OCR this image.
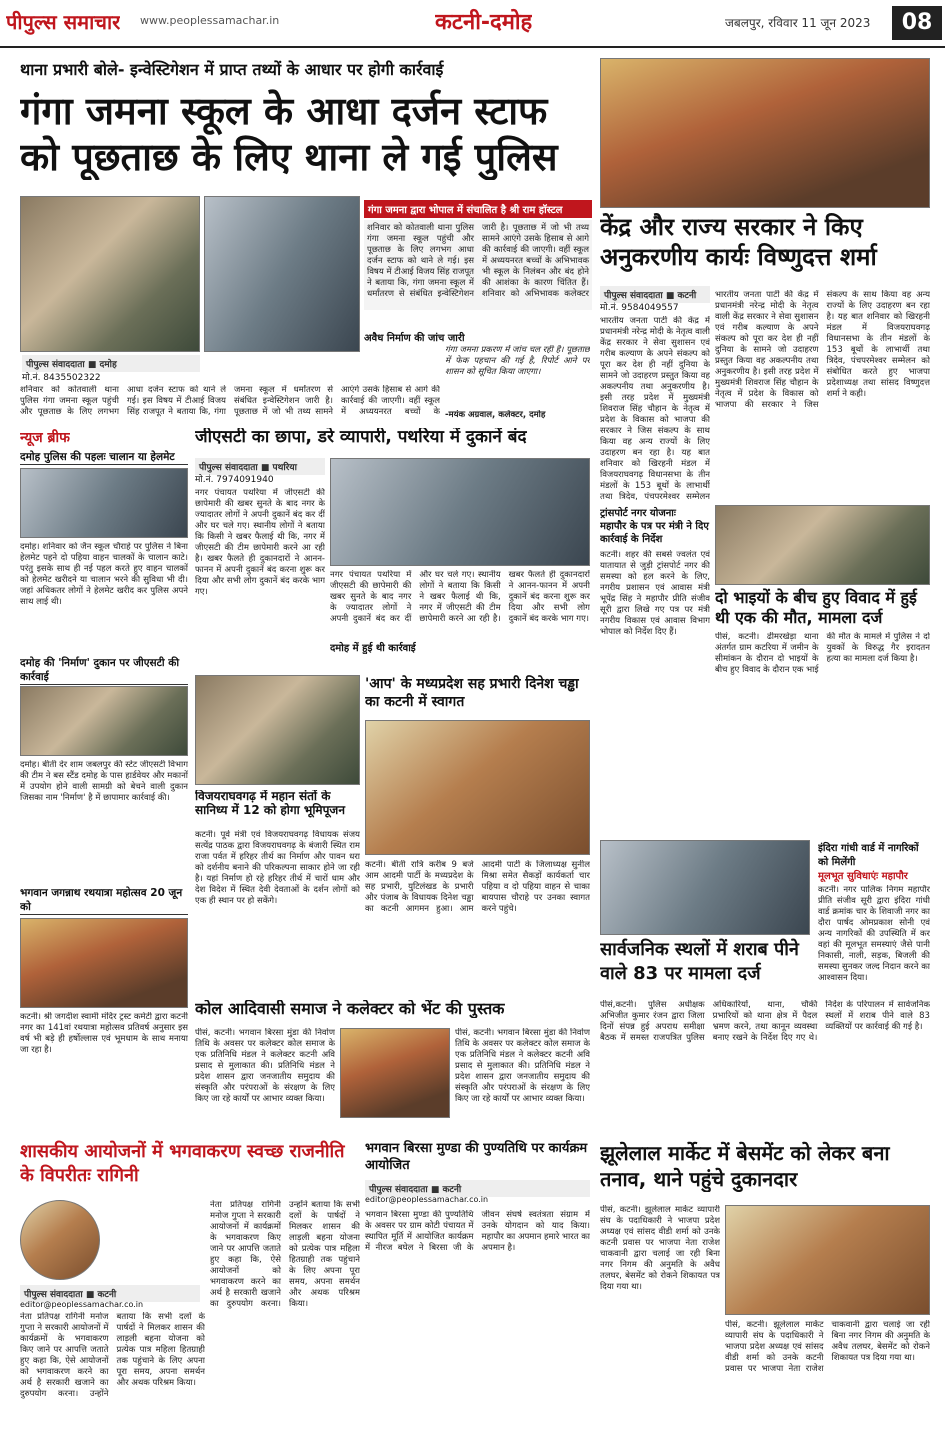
पीपुल्स समाचार www.peoplessamachar.in	कटनी-दमोह	जबलपुर, रविवार 11 जून 2023	08
थाना प्रभारी बोले- इन्वेस्टिगेशन में प्राप्त तथ्यों के आधार पर होगी कार्रवाई
गंगा जमना स्कूल के आधा दर्जन स्टाफ को पूछताछ के लिए थाना ले गई पुलिस
गंगा जमना द्वारा भोपाल में संचालित है श्री राम हॉस्टल
शनिवार को कोतवाली थाना पुलिस गंगा जमना स्कूल पहुंची और पूछताछ के लिए लगभग आधा दर्जन स्टाफ को थाने ले गई। इस विषय में टीआई विजय सिंह राजपूत ने बताया कि, गंगा जमना स्कूल में धर्मांतरण से संबंधित इन्वेस्टिगेशन जारी है। पूछताछ में जो भी तथ्य सामने आएंगे उसके हिसाब से आगे की कार्रवाई की जाएगी। वहीं स्कूल में अध्ययनरत बच्चों के अभिभावक भी स्कूल के निलंबन और बंद होने की आशंका के कारण चिंतित हैं। शनिवार को अभिभावक कलेक्टर
पीपुल्स संवाददाता ■ दमोह
मो.नं. 8435502322
अवैध निर्माण की जांच जारी
शनिवार को कोतवाली थाना पुलिस गंगा जमना स्कूल पहुंची और पूछताछ के लिए लगभग आधा दर्जन स्टाफ को थाने ले गई। इस विषय में टीआई विजय सिंह राजपूत ने बताया कि, गंगा जमना स्कूल में धर्मांतरण से संबंधित इन्वेस्टिगेशन जारी है। पूछताछ में जो भी तथ्य सामने आएंगे उसके हिसाब से आगे की कार्रवाई की जाएगी। वहीं स्कूल में अध्ययनरत बच्चों के
गंगा जमना प्रकरण में जांच चल रही है। पूछताछ में फेक पहचान की गई है, रिपोर्ट आने पर शासन को सूचित किया जाएगा।
-मयंक अग्रवाल, कलेक्टर, दमोह
केंद्र और राज्य सरकार ने किए अनुकरणीय कार्यः विष्णुदत्त शर्मा
पीपुल्स संवाददाता ■ कटनी
मो.नं. 9584049557
भारतीय जनता पार्टी की केंद्र में प्रधानमंत्री नरेन्द्र मोदी के नेतृत्व वाली केंद्र सरकार ने सेवा सुशासन एवं गरीब कल्याण के अपने संकल्प को पूरा कर देश ही नहीं दुनिया के सामने जो उदाहरण प्रस्तुत किया वह अकल्पनीय तथा अनुकरणीय है। इसी तरह प्रदेश में मुख्यमंत्री शिवराज सिंह चौहान के नेतृत्व में प्रदेश के विकास को भाजपा की सरकार ने जिस संकल्प के साथ किया वह अन्य राज्यों के लिए उदाहरण बन रहा है। यह बात शनिवार को खिरहनी मंडल में विजयराघवगढ़ विधानसभा के तीन मंडलों के 153 बूथों के लाभार्थी तथा त्रिदेव, पंचपरमेश्वर सम्मेलन
भारतीय जनता पार्टी की केंद्र में प्रधानमंत्री नरेन्द्र मोदी के नेतृत्व वाली केंद्र सरकार ने सेवा सुशासन एवं गरीब कल्याण के अपने संकल्प को पूरा कर देश ही नहीं दुनिया के सामने जो उदाहरण प्रस्तुत किया वह अकल्पनीय तथा अनुकरणीय है। इसी तरह प्रदेश में मुख्यमंत्री शिवराज सिंह चौहान के नेतृत्व में प्रदेश के विकास को भाजपा की सरकार ने जिस संकल्प के साथ किया वह अन्य राज्यों के लिए उदाहरण बन रहा है। यह बात शनिवार को खिरहनी मंडल में विजयराघवगढ़ विधानसभा के तीन मंडलों के 153 बूथों के लाभार्थी तथा त्रिदेव, पंचपरमेश्वर सम्मेलन को संबोधित करते हुए भाजपा प्रदेशाध्यक्ष तथा सांसद विष्णुदत्त शर्मा ने कही।
ट्रांसपोर्ट नगर योजनाः
महापौर के पत्र पर मंत्री ने दिए कार्रवाई के निर्देश
कटनी। शहर की सबसे ज्वलंत एवं यातायात से जुड़ी ट्रांसपोर्ट नगर की समस्या को हल करने के लिए, नगरीय प्रशासन एवं आवास मंत्री भूपेंद्र सिंह ने महापौर प्रीति संजीव सूरी द्वारा लिखे गए पत्र पर मंत्री नगरीय विकास एवं आवास विभाग भोपाल को निर्देश दिए हैं।
दो भाइयों के बीच हुए विवाद में हुई थी एक की मौत, मामला दर्ज
पीसं, कटनी। ढीमरखेड़ा थाना अंतर्गत ग्राम कटरिया में जमीन के सीमांकन के दौरान दो भाइयों के बीच हुए विवाद के दौरान एक भाई की मौत के मामले में पुलिस ने दो युवकों के विरुद्ध गैर इरादतन हत्या का मामला दर्ज किया है।
इंदिरा गांधी वार्ड में नागरिकों को मिलेंगी
मूलभूत सुविधाएंः महापौर
कटनी। नगर पालिक निगम महापौर प्रीति संजीव सूरी द्वारा इंदिरा गांधी वार्ड क्रमांक चार के शिवाजी नगर का दौरा पार्षद ओमप्रकाश सोनी एवं अन्य नागरिकों की उपस्थिति में कर वहां की मूलभूत समस्याएं जैसे पानी निकासी, नाली, सड़क, बिजली की समस्या सुनकर जल्द निदान करने का आश्वासन दिया।
सार्वजनिक स्थलों में शराब पीने वाले 83 पर मामला दर्ज
पीसं,कटनी। पुलिस अधीक्षक अभिजीत कुमार रंजन द्वारा जिला दिनों संपन्न हुई अपराध समीक्षा बैठक में समस्त राजपत्रित पुलिस अधिकारियों, थाना, चौकी प्रभारियों को थाना क्षेत्र में पैदल भ्रमण करने, तथा कानून व्यवस्था बनाए रखने के निर्देश दिए गए थे। निर्देश के परिपालन में सार्वजनिक स्थलों में शराब पीने वाले 83 व्यक्तियों पर कार्रवाई की गई है।
झूलेलाल मार्केट में बेसमेंट को लेकर बना तनाव, थाने पहुंचे दुकानदार
पीसं, कटनी। झूलेलाल मार्केट व्यापारी संघ के पदाधिकारी ने भाजपा प्रदेश अध्यक्ष एवं सांसद वीडी शर्मा को उनके कटनी प्रवास पर भाजपा नेता राजेश चाकवानी द्वारा चलाई जा रही बिना नगर निगम की अनुमति के अवैध तलघर, बेसमेंट को रोकने शिकायत पत्र दिया गया था।
पीसं, कटनी। झूलेलाल मार्केट व्यापारी संघ के पदाधिकारी ने भाजपा प्रदेश अध्यक्ष एवं सांसद वीडी शर्मा को उनके कटनी प्रवास पर भाजपा नेता राजेश चाकवानी द्वारा चलाई जा रही बिना नगर निगम की अनुमति के अवैध तलघर, बेसमेंट को रोकने शिकायत पत्र दिया गया था।
न्यूज ब्रीफ
दमोह पुलिस की पहलः चालान या हेलमेट
दमोह। शनिवार को जैन स्कूल चौराहे पर पुलिस ने बिना हेलमेट पहने दो पहिया वाहन चालकों के चालान काटे। परंतु इसके साथ ही नई पहल करते हुए वाहन चालकों को हेलमेट खरीदने या चालान भरने की सुविधा भी दी। जहां अधिकतर लोगों ने हेलमेट खरीद कर पुलिस अपने साथ लाई थी।
दमोह की 'निर्माण' दुकान पर जीएसटी की कार्रवाई
दमोह। बीती देर शाम जबलपुर की स्टेट जीएसटी विभाग की टीम ने बस स्टैंड दमोह के पास हार्डवेयर और मकानों में उपयोग होने वाली सामग्री को बेचने वाली दुकान जिसका नाम 'निर्माण' है में छापामार कार्रवाई की।
भगवान जगन्नाथ रथयात्रा महोत्सव 20 जून को
कटनी। श्री जगदीश स्वामी मंदिर ट्रस्ट कमेटी द्वारा कटनी नगर का 141वां रथयात्रा महोत्सव प्रतिवर्ष अनुसार इस वर्ष भी बड़े ही हर्षोल्लास एवं भूमधाम के साथ मनाया जा रहा है।
जीएसटी का छापा, डरे व्यापारी, पथरिया में दुकानें बंद
पीपुल्स संवाददाता ■ पथरिया
मो.नं. 7974091940
नगर पंचायत पथरिया में जीएसटी की छापेमारी की खबर सुनते के बाद नगर के ज्यादातर लोगों ने अपनी दुकानें बंद कर दीं और घर चले गए। स्थानीय लोगों ने बताया कि किसी ने खबर फैलाई थी कि, नगर में जीएसटी की टीम छापेमारी करने आ रही है। खबर फैलते ही दुकानदारों ने आनन-फानन में अपनी दुकानें बंद करना शुरू कर दिया और सभी लोग दुकानें बंद करके भाग गए।
नगर पंचायत पथरिया में जीएसटी की छापेमारी की खबर सुनते के बाद नगर के ज्यादातर लोगों ने अपनी दुकानें बंद कर दीं और घर चले गए। स्थानीय लोगों ने बताया कि किसी ने खबर फैलाई थी कि, नगर में जीएसटी की टीम छापेमारी करने आ रही है। खबर फैलते ही दुकानदारों ने आनन-फानन में अपनी दुकानें बंद करना शुरू कर दिया और सभी लोग दुकानें बंद करके भाग गए।
दमोह में हुई थी कार्रवाई
विजयराघवगढ़ में महान संतों के सानिध्य में 12 को होगा भूमिपूजन
कटनी। पूर्व मंत्री एवं विजयराघवगढ़ विधायक संजय सत्येंद्र पाठक द्वारा विजयराघवगढ़ के बंजारी स्थित राम राजा पर्वत में हरिहर तीर्थ का निर्माण और पावन धरा को दर्शनीय बनाने की परिकल्पना साकार होने जा रही है। यहां निर्माण हो रहे हरिहर तीर्थ में चारों धाम और देश विदेश में स्थित देवी देवताओं के दर्शन लोगों को एक ही स्थान पर हो सकेंगे।
'आप' के मध्यप्रदेश सह प्रभारी दिनेश चड्ढा का कटनी में स्वागत
कटनी। बीती रात्रि करीब 9 बजे आम आदमी पार्टी के मध्यप्रदेश के सह प्रभारी, युटिलंखड के प्रभारी और पंजाब के विधायक दिनेश चड्ढा का कटनी आगमन हुआ। आम आदमी पार्टी के जिलाध्यक्ष सुनील मिश्रा समेत सैकड़ों कार्यकर्ता चार पहिया व दो पहिया वाहन से चाका बायपास चौराहे पर उनका स्वागत करने पहुंचे।
कोल आदिवासी समाज ने कलेक्टर को भेंट की पुस्तक
पीसं, कटनी। भगवान बिरसा मुंडा की निर्वाण तिथि के अवसर पर कलेक्टर कोल समाज के एक प्रतिनिधि मंडल ने कलेक्टर कटनी अवि प्रसाद से मुलाकात की। प्रतिनिधि मंडल ने प्रदेश शासन द्वारा जनजातीय समुदाय की संस्कृति और परंपराओं के संरक्षण के लिए किए जा रहे कार्यों पर आभार व्यक्त किया।
पीसं, कटनी। भगवान बिरसा मुंडा की निर्वाण तिथि के अवसर पर कलेक्टर कोल समाज के एक प्रतिनिधि मंडल ने कलेक्टर कटनी अवि प्रसाद से मुलाकात की। प्रतिनिधि मंडल ने प्रदेश शासन द्वारा जनजातीय समुदाय की संस्कृति और परंपराओं के संरक्षण के लिए किए जा रहे कार्यों पर आभार व्यक्त किया।
शासकीय आयोजनों में भगवाकरण स्वच्छ राजनीति के विपरीतः रागिनी
पीपुल्स संवाददाता ■ कटनी
editor@peoplessamachar.co.in
नेता प्रतिपक्ष रागिनी मनोज गुप्ता ने सरकारी आयोजनों में कार्यक्रमों के भगवाकरण किए जाने पर आपत्ति जताते हुए कहा कि, ऐसे आयोजनों को भगवाकरण करने का अर्थ है सरकारी खजाने का दुरुपयोग करना। उन्होंने बताया कि सभी दलों के पार्षदों ने मिलकर शासन की लाड़ली बहना योजना को प्रत्येक पात्र महिला हितग्राही तक पहुंचाने के लिए अपना पूरा समय, अपना समर्थन और अथक परिश्रम किया।
नेता प्रतिपक्ष रागिनी मनोज गुप्ता ने सरकारी आयोजनों में कार्यक्रमों के भगवाकरण किए जाने पर आपत्ति जताते हुए कहा कि, ऐसे आयोजनों को भगवाकरण करने का अर्थ है सरकारी खजाने का दुरुपयोग करना। उन्होंने बताया कि सभी दलों के पार्षदों ने मिलकर शासन की लाड़ली बहना योजना को प्रत्येक पात्र महिला हितग्राही तक पहुंचाने के लिए अपना पूरा समय, अपना समर्थन और अथक परिश्रम किया।
भगवान बिरसा मुण्डा की पुण्यतिथि पर कार्यक्रम आयोजित
पीपुल्स संवाददाता ■ कटनी
editor@peoplessamachar.co.in
भगवान बिरसा मुण्डा की पुण्यतिथि के अवसर पर ग्राम कोटी पंचायत में स्थापित मूर्ति में आयोजित कार्यक्रम में नीरज बघेल ने बिरसा जी के जीवन संघर्ष स्वतंत्रता संग्राम में उनके योगदान को याद किया। महापौर का अपमान हमारे भारत का अपमान है।
